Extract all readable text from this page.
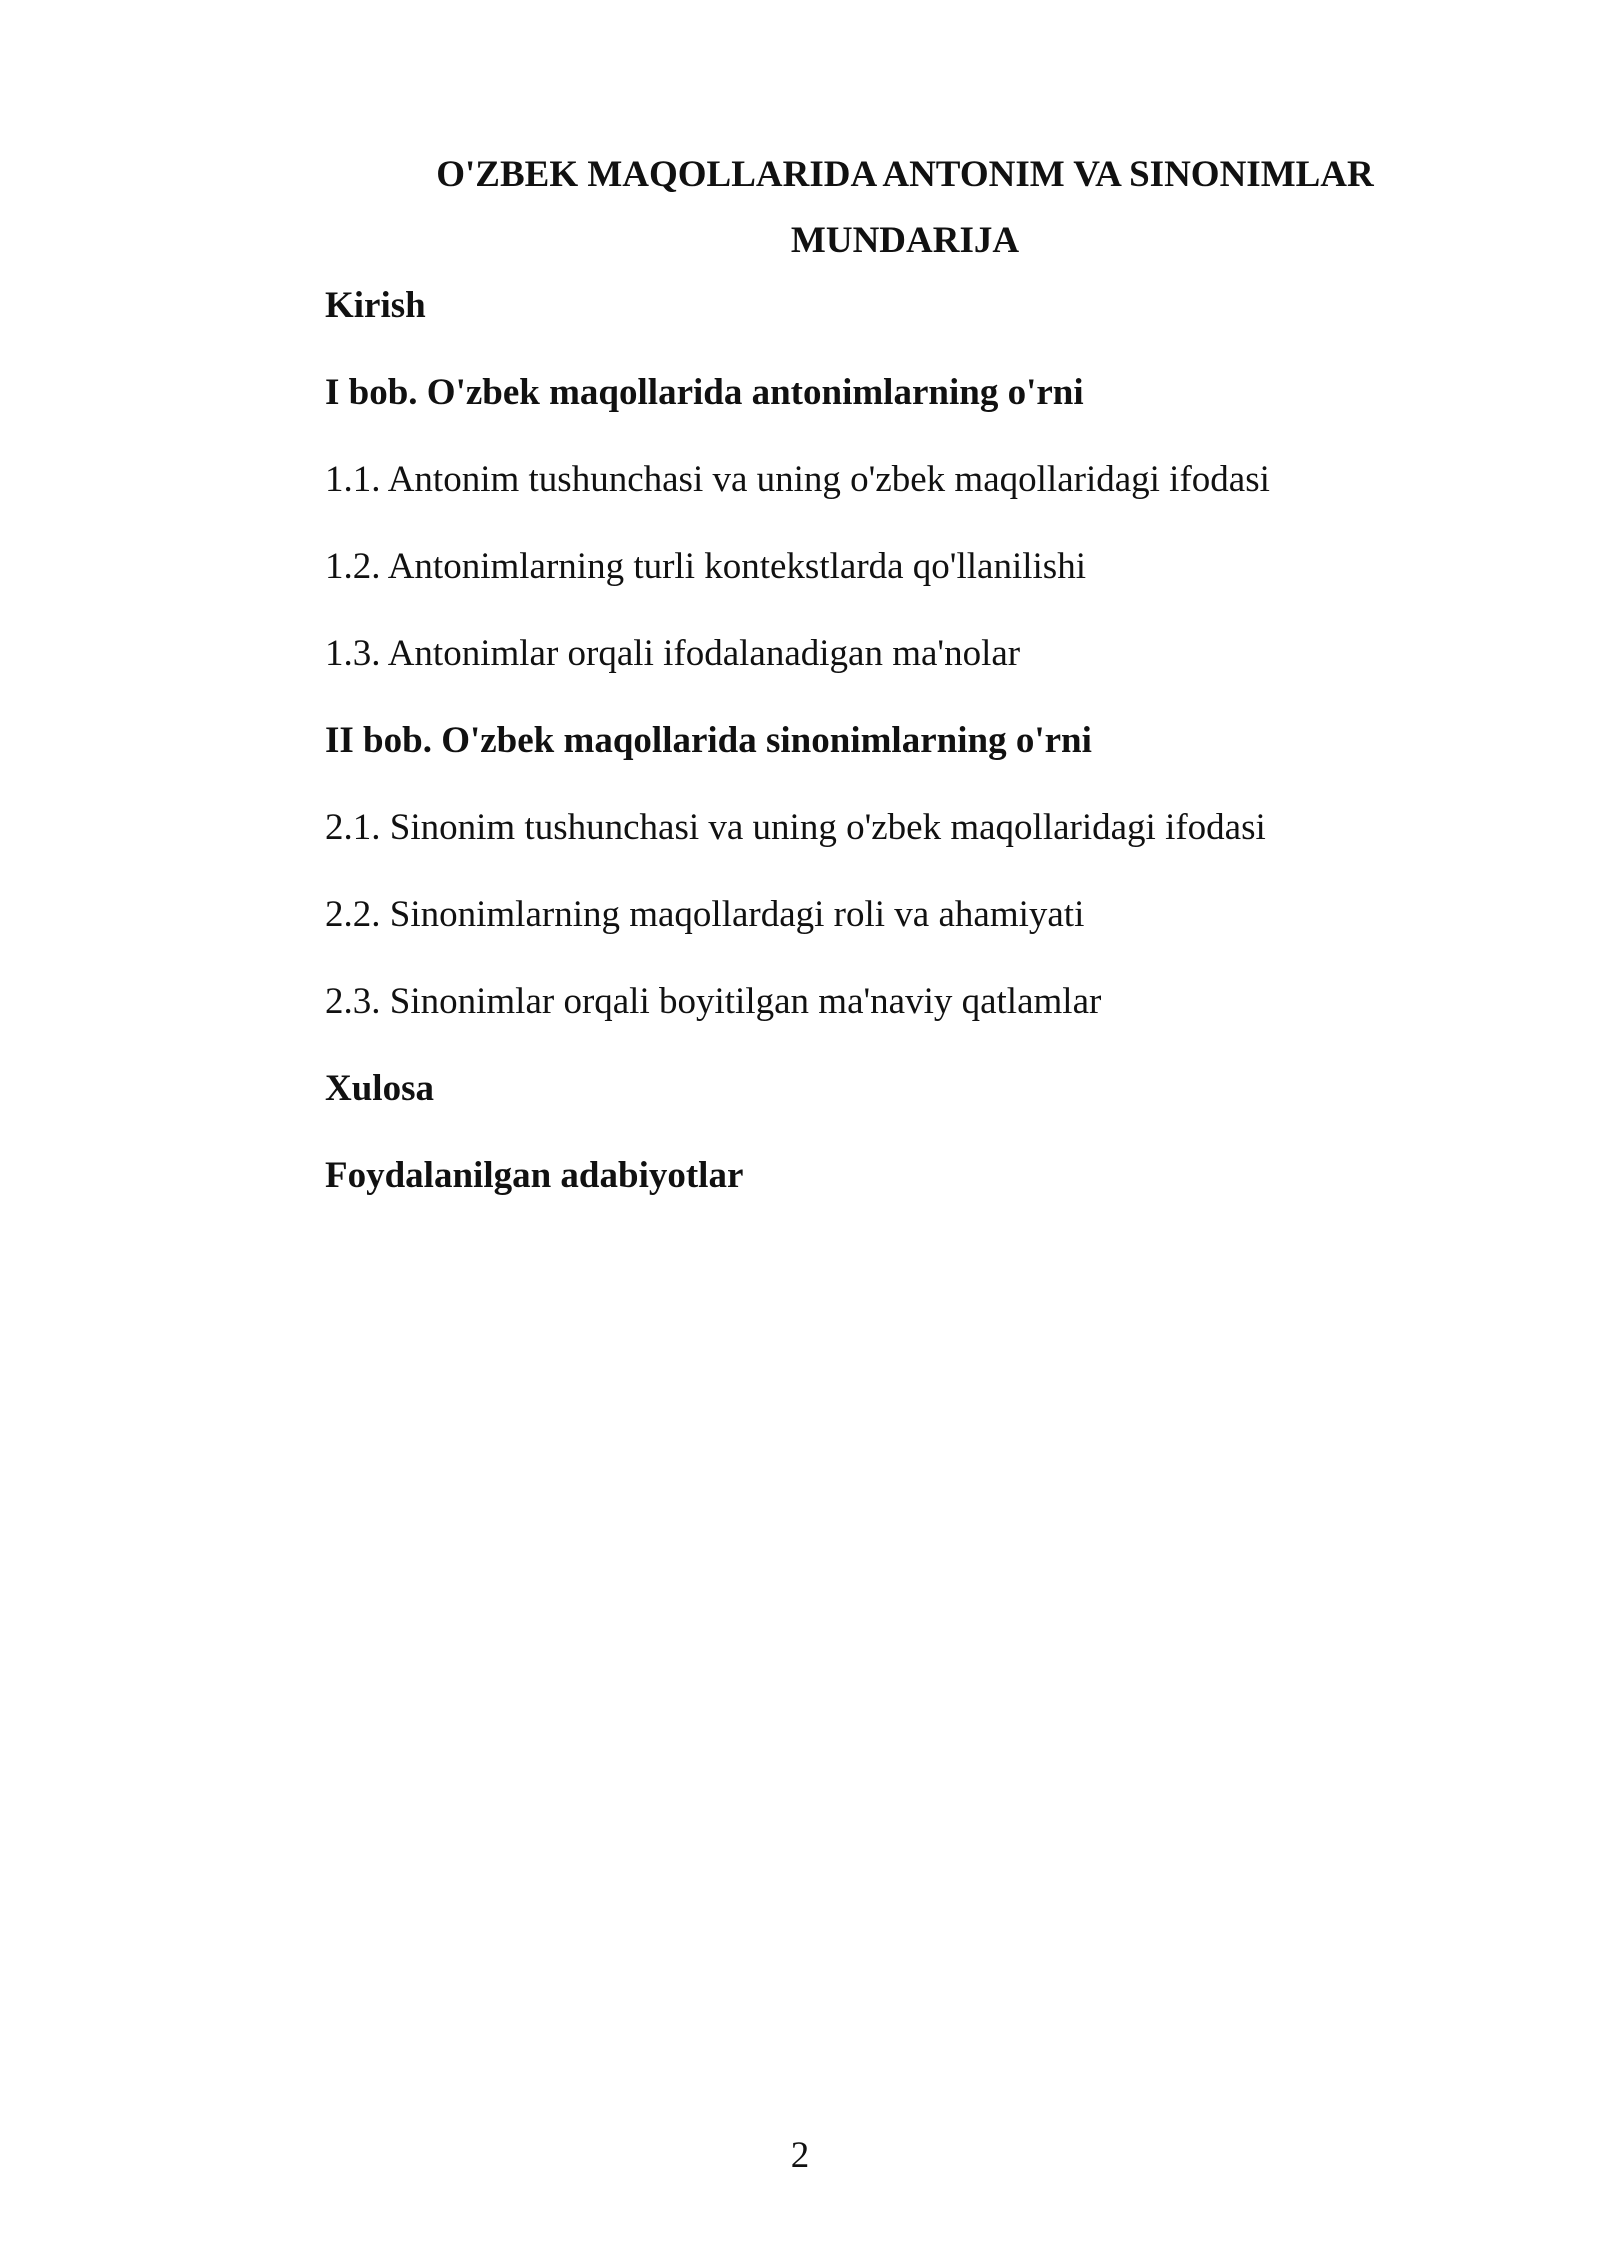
O'ZBEK MAQOLLARIDA ANTONIM VA SINONIMLAR
MUNDARIJA
Kirish
I bob. O'zbek maqollarida antonimlarning o'rni
1.1. Antonim tushunchasi va uning o'zbek maqollaridagi ifodasi
1.2. Antonimlarning turli kontekstlarda qo'llanilishi
1.3. Antonimlar orqali ifodalanadigan ma'nolar
II bob. O'zbek maqollarida sinonimlarning o'rni
2.1. Sinonim tushunchasi va uning o'zbek maqollaridagi ifodasi
2.2. Sinonimlarning maqollardagi roli va ahamiyati
2.3. Sinonimlar orqali boyitilgan ma'naviy qatlamlar
Xulosa
Foydalanilgan adabiyotlar
2
